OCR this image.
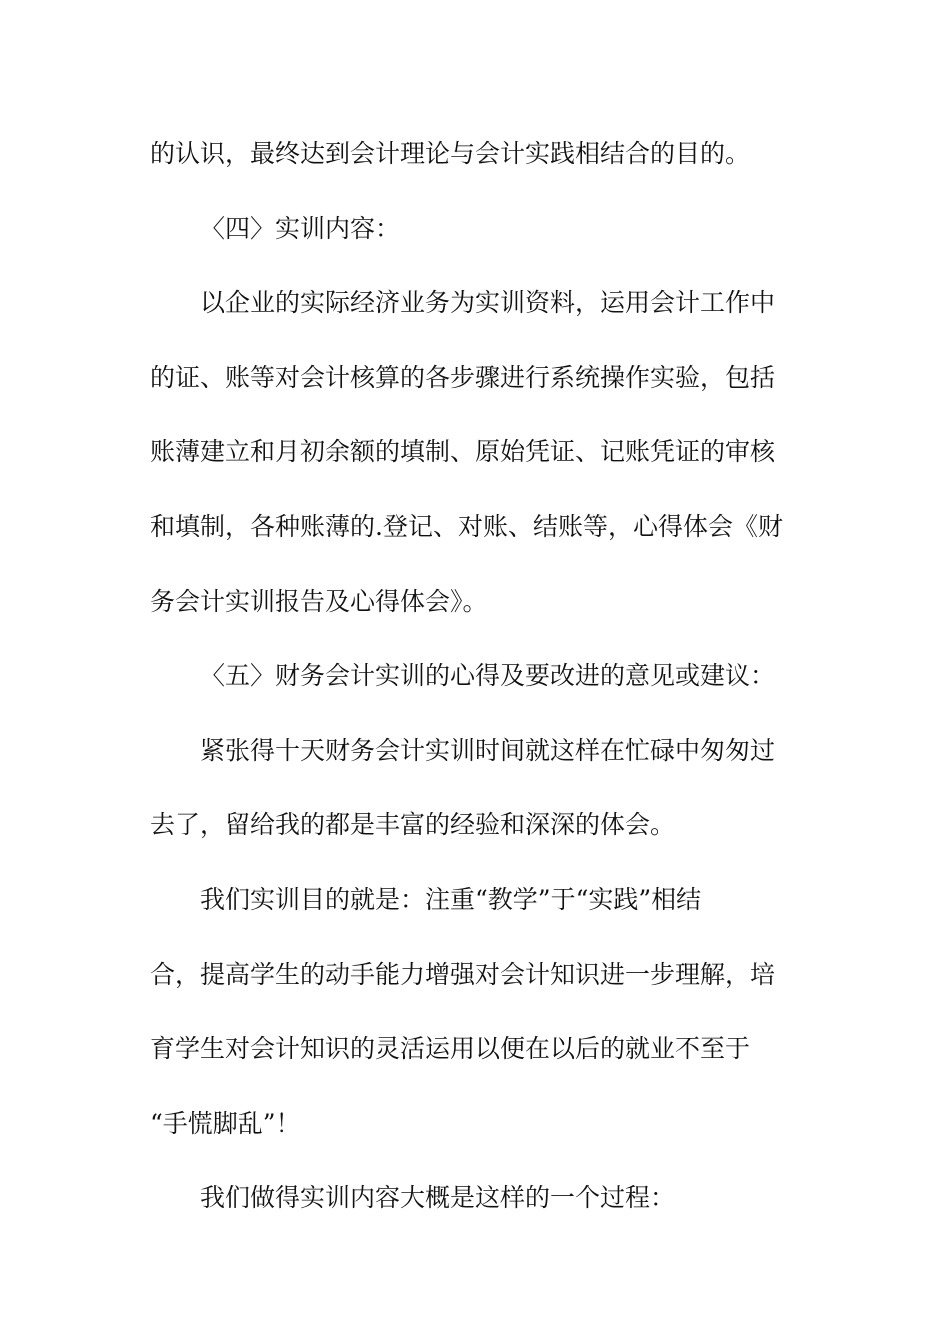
的认识，最终达到会计理论与会计实践相结合的目的。
〈四〉实训内容：
以企业的实际经济业务为实训资料，运用会计工作中
的证、账等对会计核算的各步骤进行系统操作实验，包括
账薄建立和月初余额的填制、原始凭证、记账凭证的审核
和填制，各种账薄的.登记、对账、结账等，心得体会《财
务会计实训报告及心得体会》。
〈五〉财务会计实训的心得及要改进的意见或建议：
紧张得十天财务会计实训时间就这样在忙碌中匆匆过
去了，留给我的都是丰富的经验和深深的体会。
我们实训目的就是：注重“教学”于“实践”相结
合，提高学生的动手能力增强对会计知识进一步理解，培
育学生对会计知识的灵活运用以便在以后的就业不至于
“手慌脚乱”！
我们做得实训内容大概是这样的一个过程：
